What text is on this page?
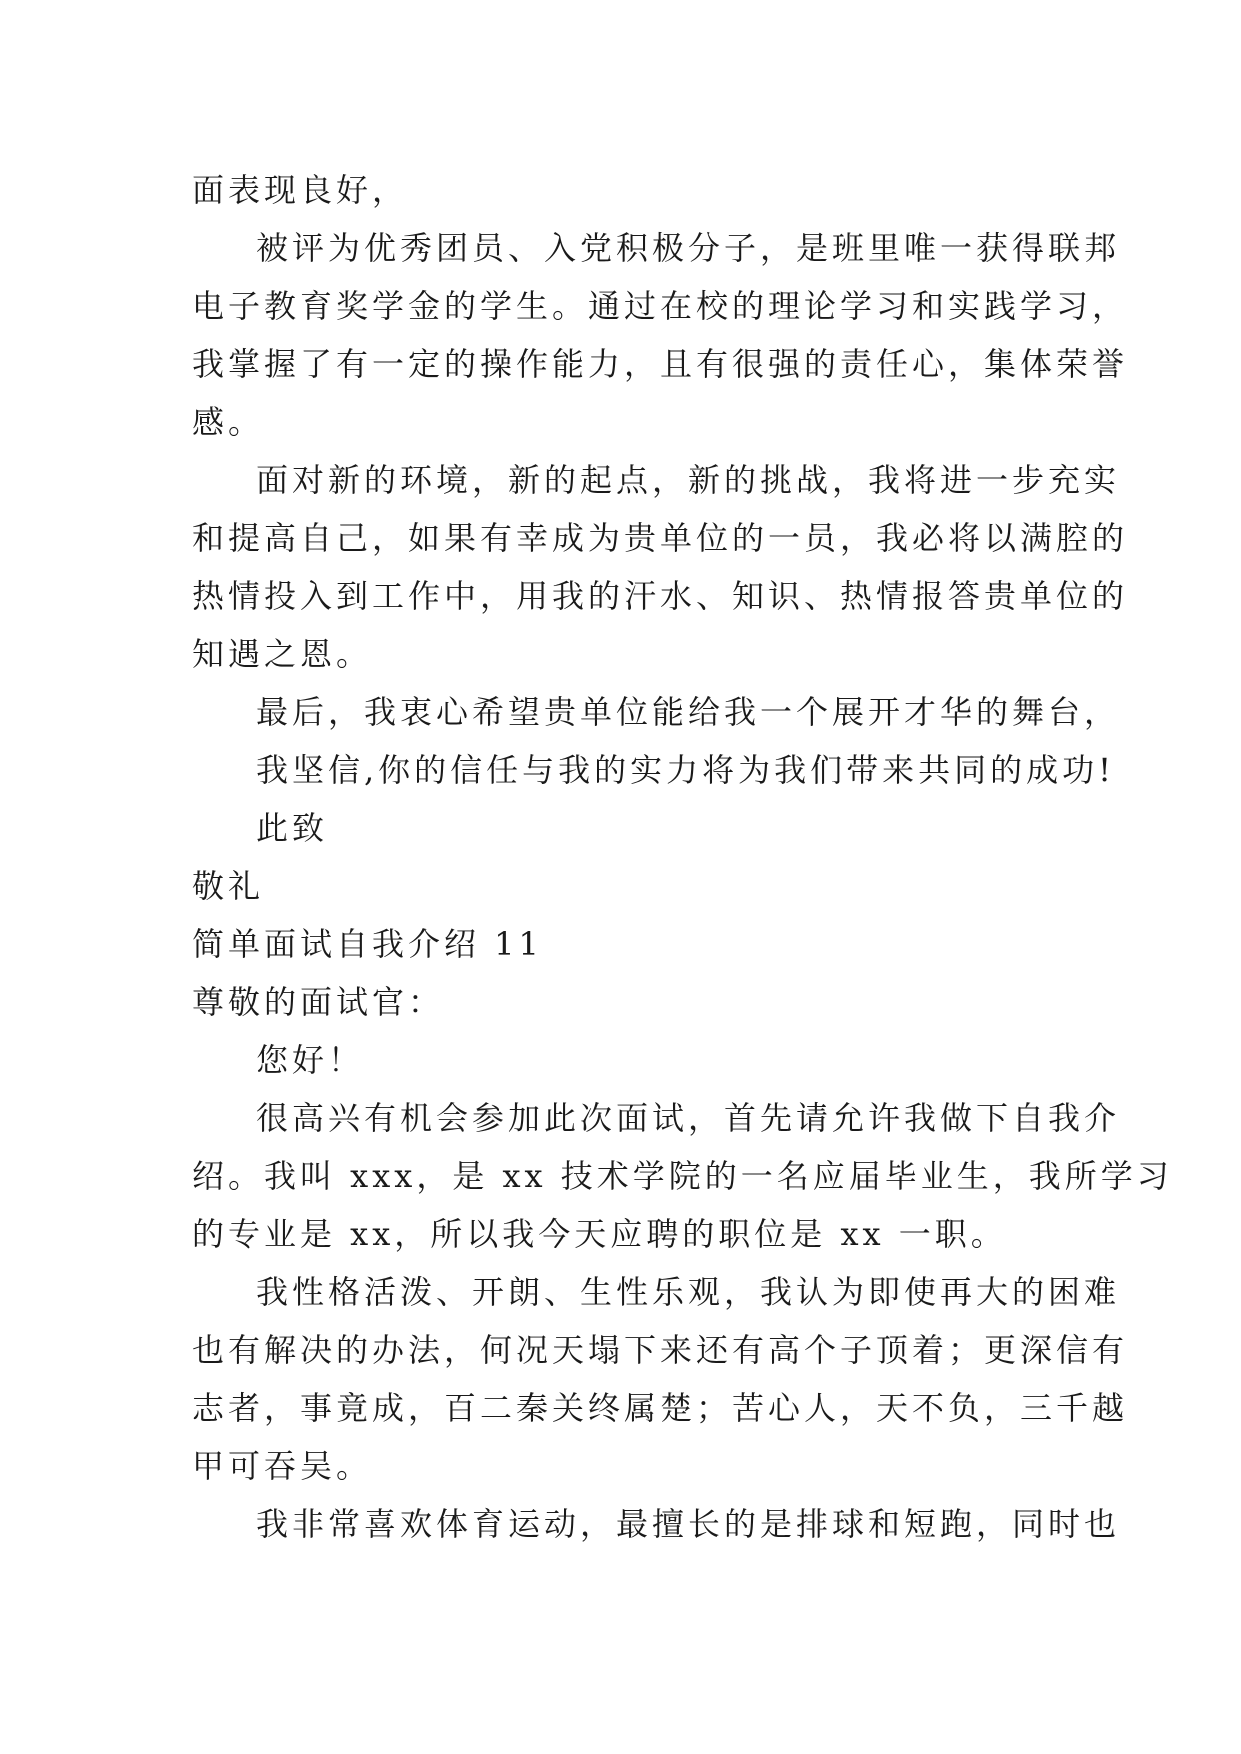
面表现良好，
被评为优秀团员、入党积极分子，是班里唯一获得联邦
电子教育奖学金的学生。通过在校的理论学习和实践学习，
我掌握了有一定的操作能力，且有很强的责任心，集体荣誉
感。
面对新的环境，新的起点，新的挑战，我将进一步充实
和提高自己，如果有幸成为贵单位的一员，我必将以满腔的
热情投入到工作中，用我的汗水、知识、热情报答贵单位的
知遇之恩。
最后，我衷心希望贵单位能给我一个展开才华的舞台，
我坚信,你的信任与我的实力将为我们带来共同的成功!
此致
敬礼
简单面试自我介绍 11
尊敬的面试官：
您好！
很高兴有机会参加此次面试，首先请允许我做下自我介
绍。我叫 xxx，是 xx 技术学院的一名应届毕业生，我所学习
的专业是 xx，所以我今天应聘的职位是 xx 一职。
我性格活泼、开朗、生性乐观，我认为即使再大的困难
也有解决的办法，何况天塌下来还有高个子顶着；更深信有
志者，事竟成，百二秦关终属楚；苦心人，天不负，三千越
甲可吞吴。
我非常喜欢体育运动，最擅长的是排球和短跑，同时也
